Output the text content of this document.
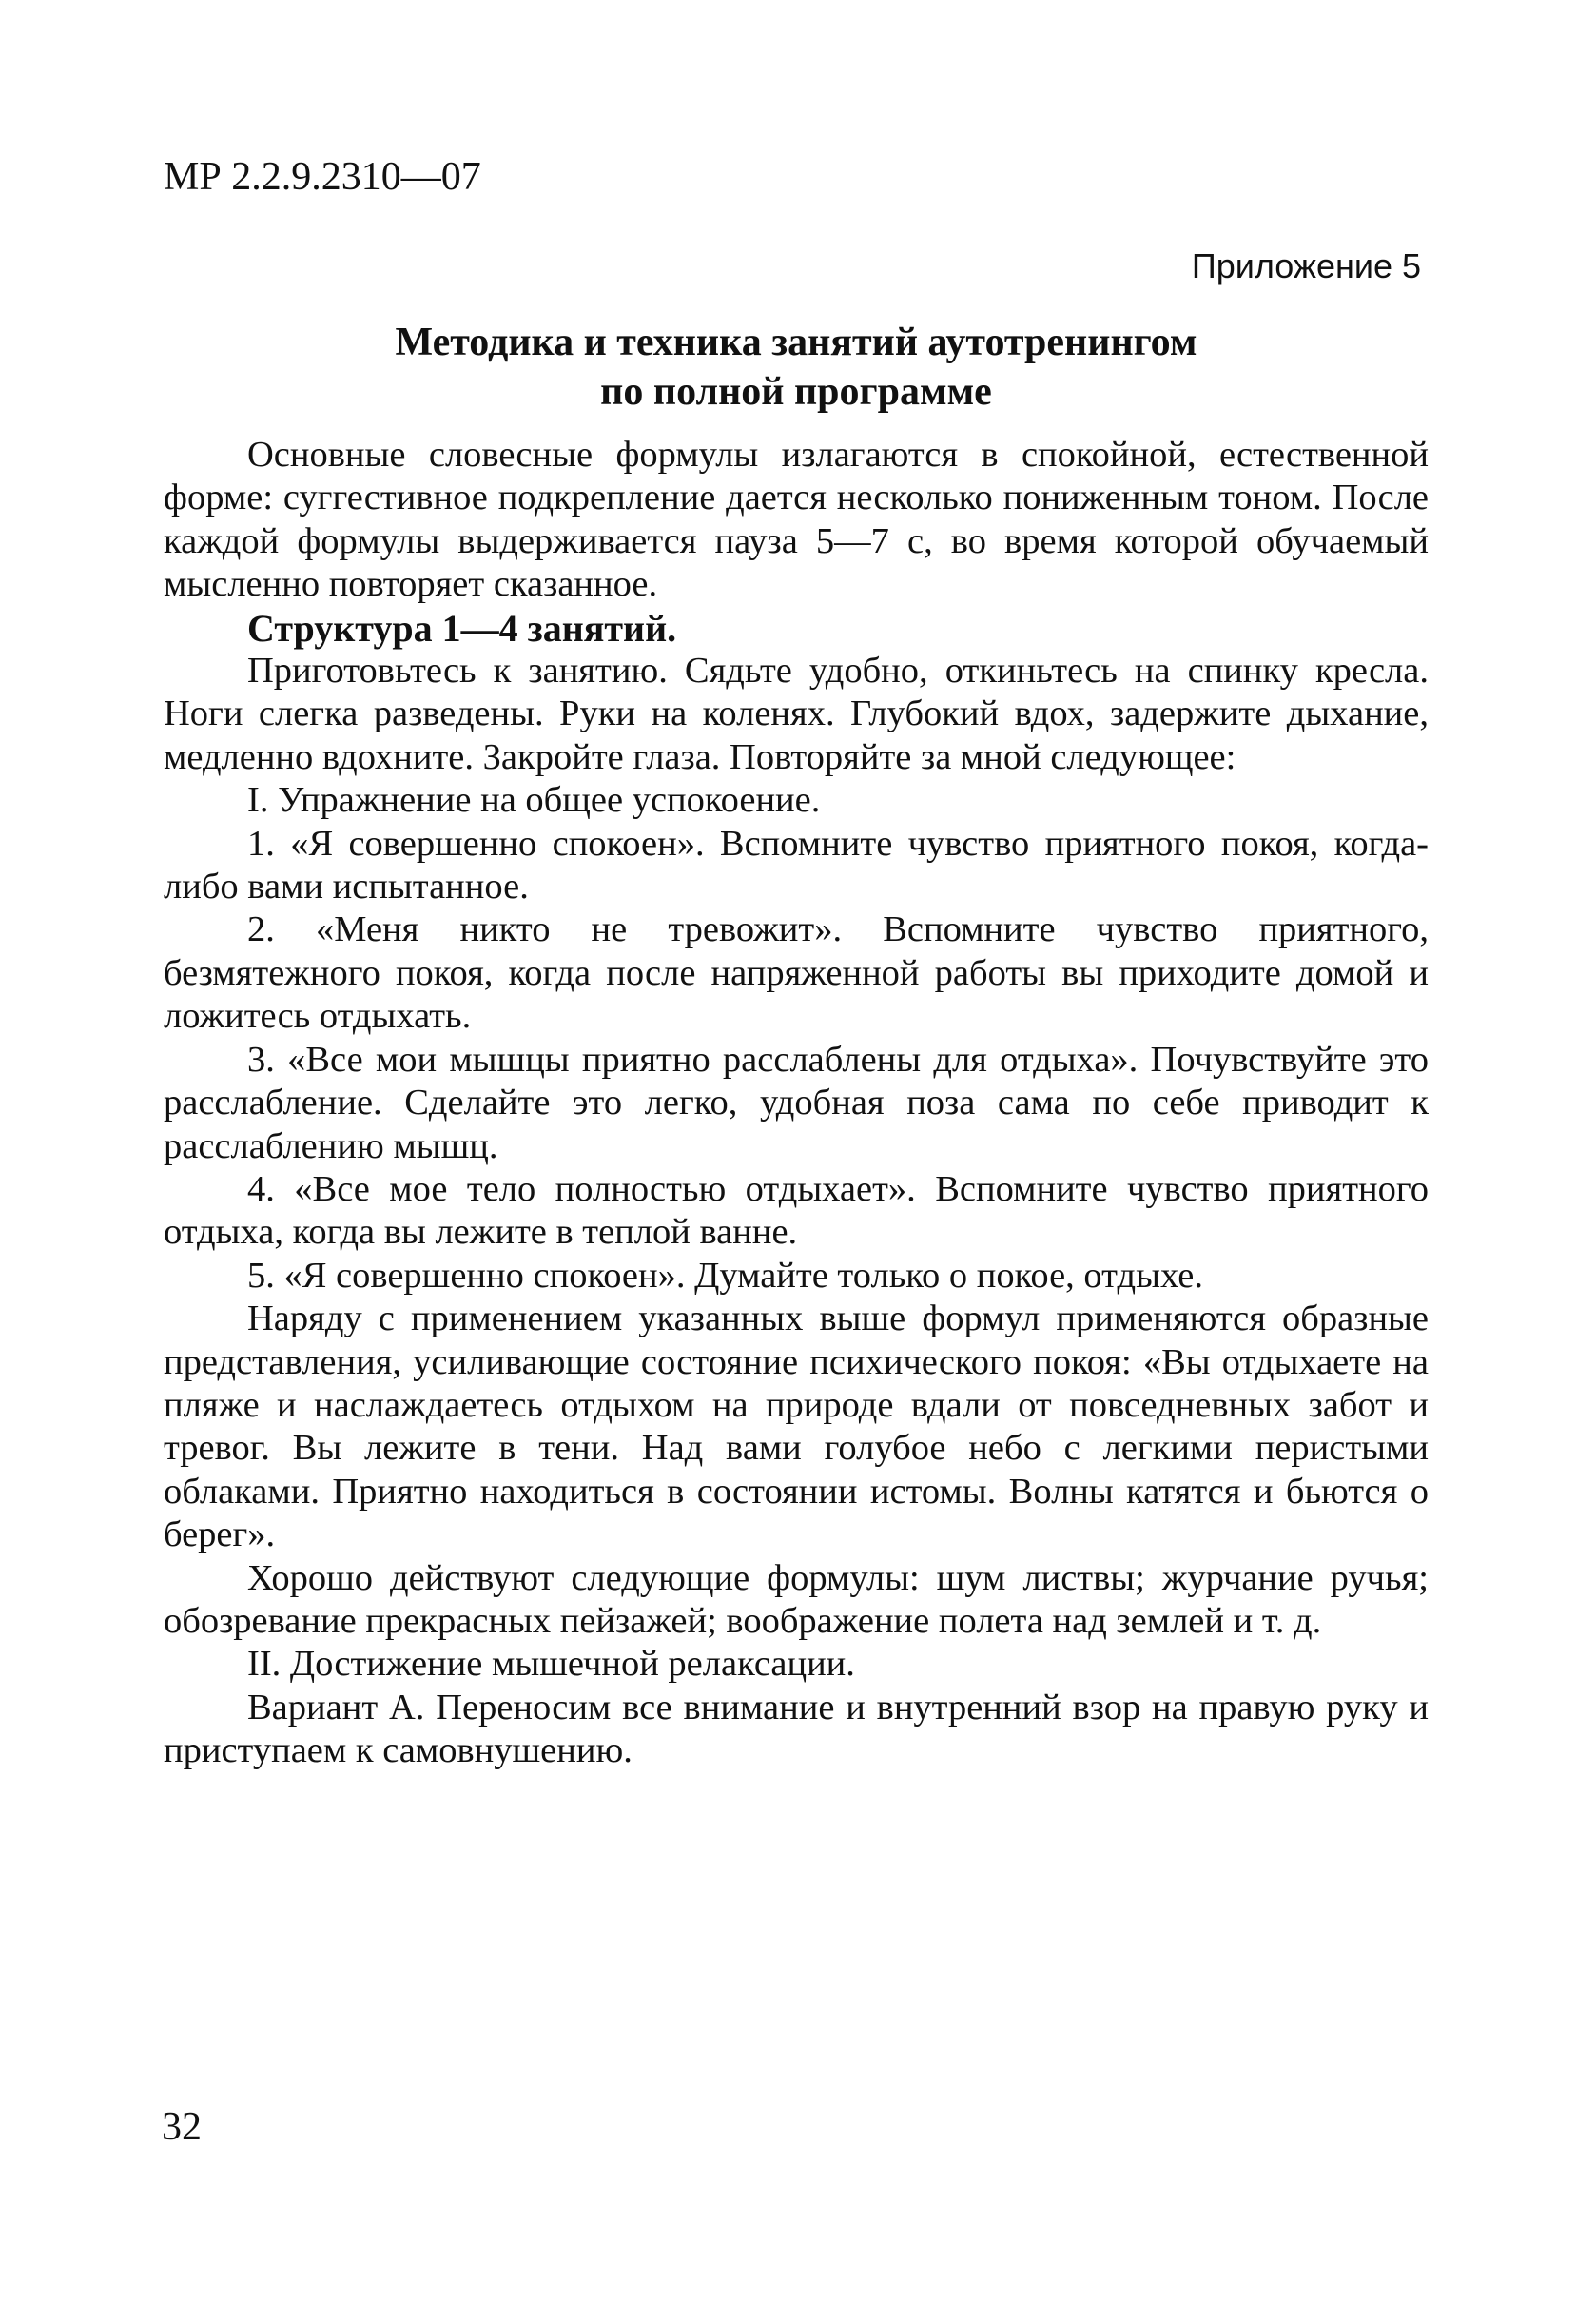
МР 2.2.9.2310—07
Приложение 5
Методика и техника занятий аутотренингом
по полной программе
Основные словесные формулы излагаются в спокойной, естественной форме: суггестивное подкрепление дается несколько пониженным тоном. После каждой формулы выдерживается пауза 5—7 с, во время которой обучаемый мысленно повторяет сказанное.
Структура 1—4 занятий.
Приготовьтесь к занятию. Сядьте удобно, откиньтесь на спинку кресла. Ноги слегка разведены. Руки на коленях. Глубокий вдох, задержите дыхание, медленно вдохните. Закройте глаза. Повторяйте за мной следующее:
I. Упражнение на общее успокоение.
1. «Я совершенно спокоен». Вспомните чувство приятного покоя, когда-либо вами испытанное.
2. «Меня никто не тревожит». Вспомните чувство приятного, безмятежного покоя, когда после напряженной работы вы приходите домой и ложитесь отдыхать.
3. «Все мои мышцы приятно расслаблены для отдыха». Почувствуйте это расслабление. Сделайте это легко, удобная поза сама по себе приводит к расслаблению мышц.
4. «Все мое тело полностью отдыхает». Вспомните чувство приятного отдыха, когда вы лежите в теплой ванне.
5. «Я совершенно спокоен». Думайте только о покое, отдыхе.
Наряду с применением указанных выше формул применяются образные представления, усиливающие состояние психического покоя: «Вы отдыхаете на пляже и наслаждаетесь отдыхом на природе вдали от повседневных забот и тревог. Вы лежите в тени. Над вами голубое небо с легкими перистыми облаками. Приятно находиться в состоянии истомы. Волны катятся и бьются о берег».
Хорошо действуют следующие формулы: шум листвы; журчание ручья; обозревание прекрасных пейзажей; воображение полета над землей и т. д.
II. Достижение мышечной релаксации.
Вариант А. Переносим все внимание и внутренний взор на правую руку и приступаем к самовнушению.
32
